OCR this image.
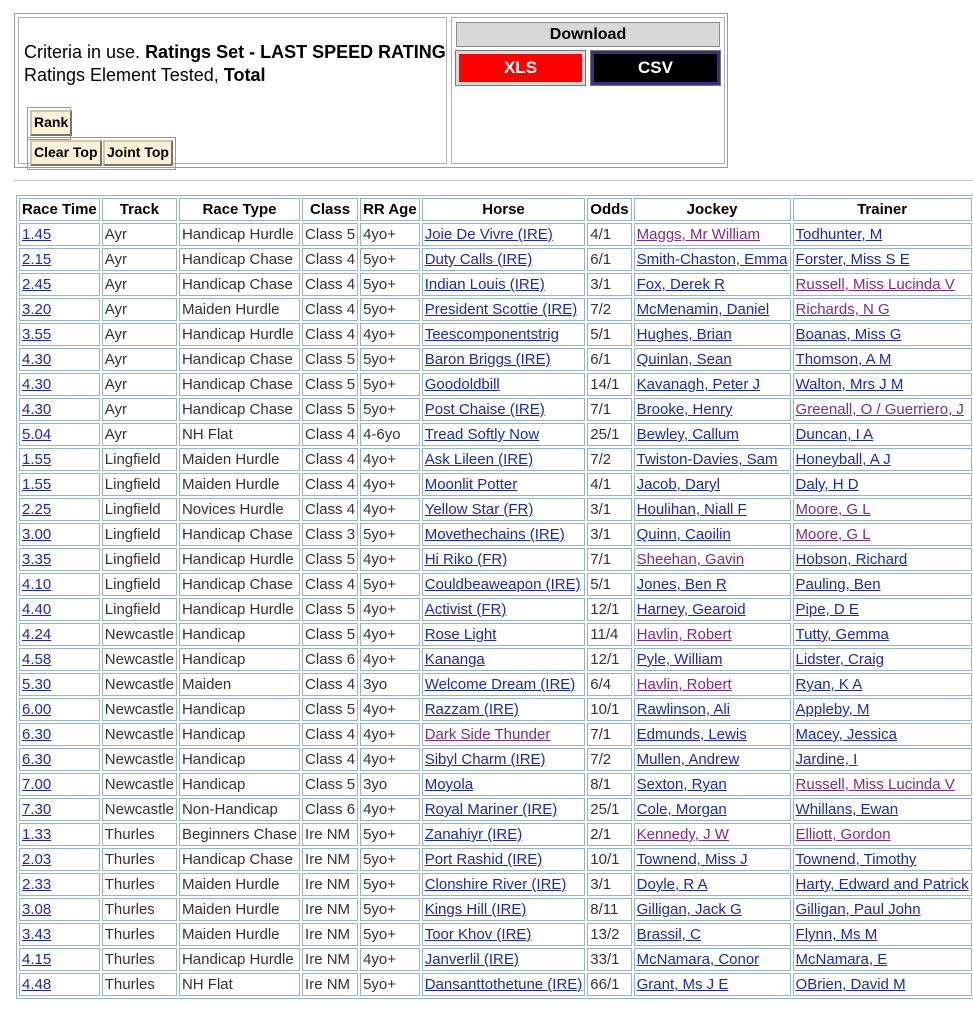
Criteria in use. Ratings Set - LAST SPEED RATING
Ratings Element Tested, Total
Rank
Clear Top Joint Top
Download
XLS	CSV
Race Time	Track	Race Type	Class	RR Age	Horse	Odds	Jockey	Trainer
1.45	Ayr	Handicap Hurdle	Class 5	4yo+	Joie De Vivre (IRE)	4/1	Maggs, Mr William	Todhunter, M
2.15	Ayr	Handicap Chase	Class 4	5yo+	Duty Calls (IRE)	6/1	Smith-Chaston, Emma	Forster, Miss S E
2.45	Ayr	Handicap Chase	Class 4	5yo+	Indian Louis (IRE)	3/1	Fox, Derek R	Russell, Miss Lucinda V
3.20	Ayr	Maiden Hurdle	Class 4	5yo+	President Scottie (IRE)	7/2	McMenamin, Daniel	Richards, N G
3.55	Ayr	Handicap Hurdle	Class 4	4yo+	Teescomponentstrig	5/1	Hughes, Brian	Boanas, Miss G
4.30	Ayr	Handicap Chase	Class 5	5yo+	Baron Briggs (IRE)	6/1	Quinlan, Sean	Thomson, A M
4.30	Ayr	Handicap Chase	Class 5	5yo+	Goodoldbill	14/1	Kavanagh, Peter J	Walton, Mrs J M
4.30	Ayr	Handicap Chase	Class 5	5yo+	Post Chaise (IRE)	7/1	Brooke, Henry	Greenall, O / Guerriero, J
5.04	Ayr	NH Flat	Class 4	4-6yo	Tread Softly Now	25/1	Bewley, Callum	Duncan, I A
1.55	Lingfield	Maiden Hurdle	Class 4	4yo+	Ask Lileen (IRE)	7/2	Twiston-Davies, Sam	Honeyball, A J
1.55	Lingfield	Maiden Hurdle	Class 4	4yo+	Moonlit Potter	4/1	Jacob, Daryl	Daly, H D
2.25	Lingfield	Novices Hurdle	Class 4	4yo+	Yellow Star (FR)	3/1	Houlihan, Niall F	Moore, G L
3.00	Lingfield	Handicap Chase	Class 3	5yo+	Movethechains (IRE)	3/1	Quinn, Caoilin	Moore, G L
3.35	Lingfield	Handicap Hurdle	Class 5	4yo+	Hi Riko (FR)	7/1	Sheehan, Gavin	Hobson, Richard
4.10	Lingfield	Handicap Chase	Class 4	5yo+	Couldbeaweapon (IRE)	5/1	Jones, Ben R	Pauling, Ben
4.40	Lingfield	Handicap Hurdle	Class 5	4yo+	Activist (FR)	12/1	Harney, Gearoid	Pipe, D E
4.24	Newcastle	Handicap	Class 5	4yo+	Rose Light	11/4	Havlin, Robert	Tutty, Gemma
4.58	Newcastle	Handicap	Class 6	4yo+	Kananga	12/1	Pyle, William	Lidster, Craig
5.30	Newcastle	Maiden	Class 4	3yo	Welcome Dream (IRE)	6/4	Havlin, Robert	Ryan, K A
6.00	Newcastle	Handicap	Class 5	4yo+	Razzam (IRE)	10/1	Rawlinson, Ali	Appleby, M
6.30	Newcastle	Handicap	Class 4	4yo+	Dark Side Thunder	7/1	Edmunds, Lewis	Macey, Jessica
6.30	Newcastle	Handicap	Class 4	4yo+	Sibyl Charm (IRE)	7/2	Mullen, Andrew	Jardine, I
7.00	Newcastle	Handicap	Class 5	3yo	Moyola	8/1	Sexton, Ryan	Russell, Miss Lucinda V
7.30	Newcastle	Non-Handicap	Class 6	4yo+	Royal Mariner (IRE)	25/1	Cole, Morgan	Whillans, Ewan
1.33	Thurles	Beginners Chase	Ire NM	5yo+	Zanahiyr (IRE)	2/1	Kennedy, J W	Elliott, Gordon
2.03	Thurles	Handicap Chase	Ire NM	5yo+	Port Rashid (IRE)	10/1	Townend, Miss J	Townend, Timothy
2.33	Thurles	Maiden Hurdle	Ire NM	5yo+	Clonshire River (IRE)	3/1	Doyle, R A	Harty, Edward and Patrick
3.08	Thurles	Maiden Hurdle	Ire NM	5yo+	Kings Hill (IRE)	8/11	Gilligan, Jack G	Gilligan, Paul John
3.43	Thurles	Maiden Hurdle	Ire NM	5yo+	Toor Khov (IRE)	13/2	Brassil, C	Flynn, Ms M
4.15	Thurles	Handicap Hurdle	Ire NM	4yo+	Janverlil (IRE)	33/1	McNamara, Conor	McNamara, E
4.48	Thurles	NH Flat	Ire NM	5yo+	Dansanttothetune (IRE)	66/1	Grant, Ms J E	OBrien, David M
